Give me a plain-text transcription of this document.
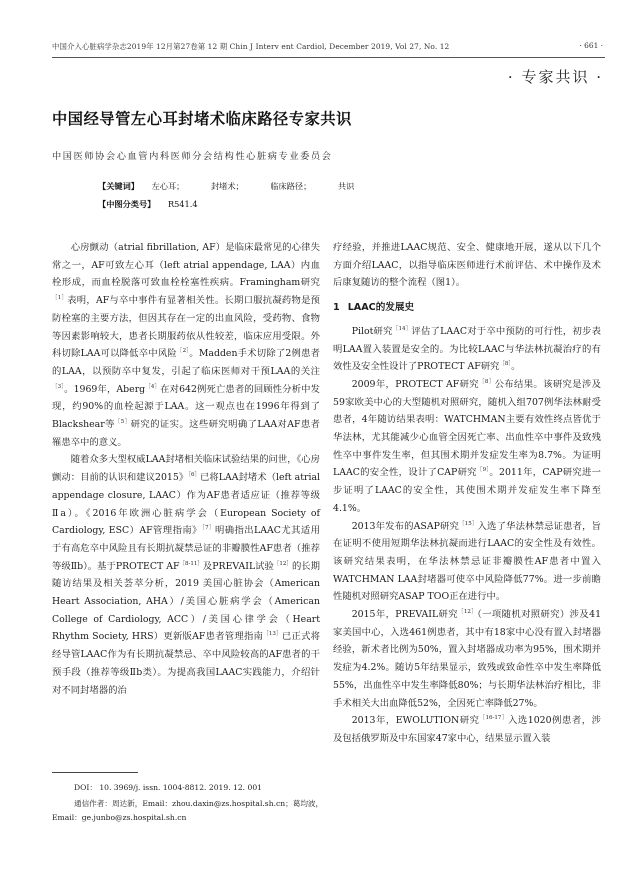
中国介入心脏病学杂志2019年 12月第27卷第 12 期 Chin J Interv ent Cardiol, December 2019, Vol 27, No. 12	· 661 ·
· 专家共识 ·
中国经导管左心耳封堵术临床路径专家共识
中国医师协会心血管内科医师分会结构性心脏病专业委员会
【关键词】 左心耳；	封堵术；	临床路径；	共识
【中图分类号】 R541.4

心房颤动（atrial fibrillation, AF）是临床最常见的心律失常之一，AF可致左心耳（left atrial appendage, LAA）内血栓形成，而血栓脱落可致血栓栓塞性疾病。Framingham研究$^{[1]}$表明，AF与卒中事件有显著相关性。长期口服抗凝药物是预防栓塞的主要方法，但因其存在一定的出血风险，受药物、食物等因素影响较大，患者长期服药依从性较差，临床应用受限。外科切除LAA可以降低卒中风险$^{[2]}$。Madden手术切除了2例患者的LAA，以预防卒中复发，引起了临床医师对干预LAA的关注$^{[3]}$。1969年，Aberg$^{[4]}$在对642例死亡患者的回顾性分析中发现，约90%的血栓起源于LAA。这一观点也在1996年得到了Blackshear等$^{[5]}$研究的证实。这些研究明确了LAA对AF患者罹患卒中的意义。

随着众多大型权威LAA封堵相关临床试验结果的问世，《心房颤动：目前的认识和建议2015》$^{[6]}$已将LAA封堵术（left atrial appendage closure, LAAC）作为AF患者适应证（推荐等级Ⅱa）。《2016年欧洲心脏病学会（European Society of Cardiology, ESC）AF管理指南》$^{[7]}$明确指出LAAC尤其适用于有高危卒中风险且有长期抗凝禁忌证的非瓣膜性AF患者（推荐等级Ⅱb）。基于PROTECT $AF^{[8-11]}$及PREVAIL试验$^{[12]}$的长期随访结果及相关荟萃分析，2019 美国心脏协会（American Heart Association, AHA）/美国心脏病学会（American College of Cardiology, ACC）/美国心律学会（Heart Rhythm Society, HRS）更新版AF患者管理指南$^{[13]}$已正式将经导管LAAC作为有长期抗凝禁忌、卒中风险较高的AF患者的干预手段（推荐等级Ⅱb类）。为提高我国LAAC实践能力，介绍针对不同封堵器的治

疗经验，并推进LAAC规范、安全、健康地开展，遂从以下几个方面介绍LAAC，以指导临床医师进行术前评估、术中操作及术后康复随访的整个流程（图1）。

1 LAAC的发展史

Pilot研究$^{[14]}$评估了LAAC对于卒中预防的可行性，初步表明LAA置入装置是安全的。为比较LAAC与华法林抗凝治疗的有效性及安全性设计了PROTECT AF研究$^{[8]}$。

2009年，PROTECT AF研究$^{[8]}$公布结果。该研究是涉及59家欧美中心的大型随机对照研究，随机入组707例华法林耐受患者，4年随访结果表明：WATCHMAN主要有效性终点皆优于华法林，尤其能减少心血管全因死亡率、出血性卒中事件及致残性卒中事件发生率，但其围术期并发症发生率为8.7%。为证明LAAC的安全性，设计了CAP研究$^{[9]}$。2011年，CAP研究进一步证明了LAAC的安全性，其使围术期并发症发生率下降至4.1%。

2013年发布的ASAP研究$^{[15]}$入选了华法林禁忌证患者，旨在证明不使用短期华法林抗凝而进行LAAC的安全性及有效性。该研究结果表明，在华法林禁忌证非瓣膜性AF患者中置入WATCHMAN LAA封堵器可使卒中风险降低77%。进一步前瞻性随机对照研究ASAP TOO正在进行中。

2015年，PREVAIL研究$^{[12]}$（一项随机对照研究）涉及41家美国中心，入选461例患者，其中有18家中心没有置入封堵器经验，新术者比例为50%，置入封堵器成功率为95%，围术期并发症为4.2%。随访5年结果显示，致残或致命性卒中发生率降低55%，出血性卒中发生率降低80%；与长期华法林治疗相比，非手术相关大出血降低52%，全因死亡率降低27%。

2013年，EWOLUTION研究$^{[16-17]}$入选1020例患者，涉及包括俄罗斯及中东国家47家中心，结果显示置入装

DOI： 10. 3969/j. issn. 1004-8812. 2019. 12. 001
通信作者：周达新，Email：zhou.daxin@zs.hospital.sh.cn；葛均波，Email：ge.junbo@zs.hospital.sh.cn
